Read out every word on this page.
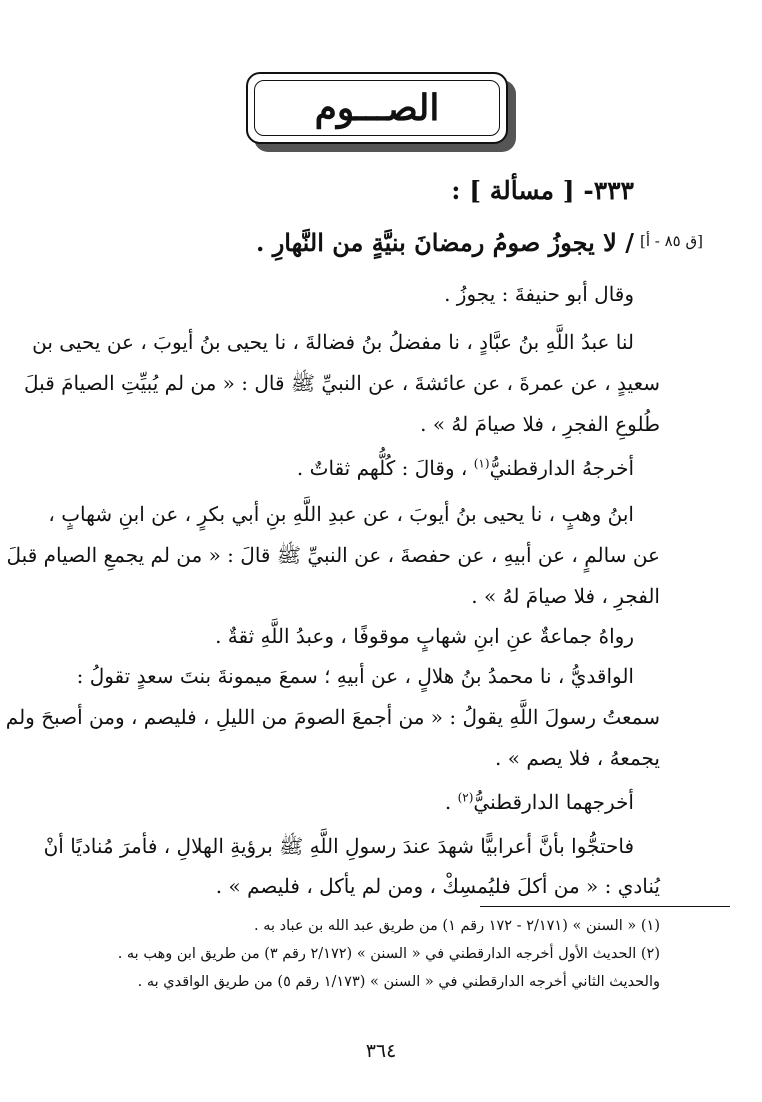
الصـــوم
٣٣٣- [ مسألة ] :
[ق ٨٥ - أ]
/ لا يجوزُ صومُ رمضانَ بنيَّةٍ من النَّهارِ .
وقال أبو حنيفةَ : يجوزُ .
لنا عبدُ اللَّهِ بنُ عبَّادٍ ، نا مفضلُ بنُ فضالةَ ، نا يحيى بنُ أيوبَ ، عن يحيى بن
سعيدٍ ، عن عمرةَ ، عن عائشةَ ، عن النبيِّ ﷺ قال : « من لم يُبيِّتِ الصيامَ قبلَ
طُلوعِ الفجرِ ، فلا صيامَ لهُ » .
أخرجهُ الدارقطنيُّ$^{(١)}$ ، وقالَ : كُلُّهم ثقاتٌ .
ابنُ وهبٍ ، نا يحيى بنُ أيوبَ ، عن عبدِ اللَّهِ بنِ أبي بكرٍ ، عن ابنِ شهابٍ ،
عن سالمٍ ، عن أبيهِ ، عن حفصةَ ، عن النبيِّ ﷺ قالَ : « من لم يجمعِ الصيام قبلَ
الفجرِ ، فلا صيامَ لهُ » .
رواهُ جماعةٌ عنِ ابنِ شهابٍ موقوفًا ، وعبدُ اللَّهِ ثقةٌ .
الواقديُّ ، نا محمدُ بنُ هلالٍ ، عن أبيهِ ؛ سمعَ ميمونةَ بنتَ سعدٍ تقولُ :
سمعتُ رسولَ اللَّهِ يقولُ : « من أجمعَ الصومَ من الليلِ ، فليصم ، ومن أصبحَ ولم
يجمعهُ ، فلا يصم » .
أخرجهما الدارقطنيُّ$^{(٢)}$ .
فاحتجُّوا بأنَّ أعرابيًّا شهدَ عندَ رسولِ اللَّهِ ﷺ برؤيةِ الهلالِ ، فأمرَ مُناديًا أنْ
يُنادي : « من أكلَ فليُمسِكْ ، ومن لم يأكل ، فليصم » .
(١) « السنن » (٢/١٧١ - ١٧٢ رقم ١) من طريق عبد الله بن عباد به .
(٢) الحديث الأول أخرجه الدارقطني في « السنن » (٢/١٧٢ رقم ٣) من طريق ابن وهب به .
والحديث الثاني أخرجه الدارقطني في « السنن » (١/١٧٣ رقم ٥) من طريق الواقدي به .
٣٦٤
